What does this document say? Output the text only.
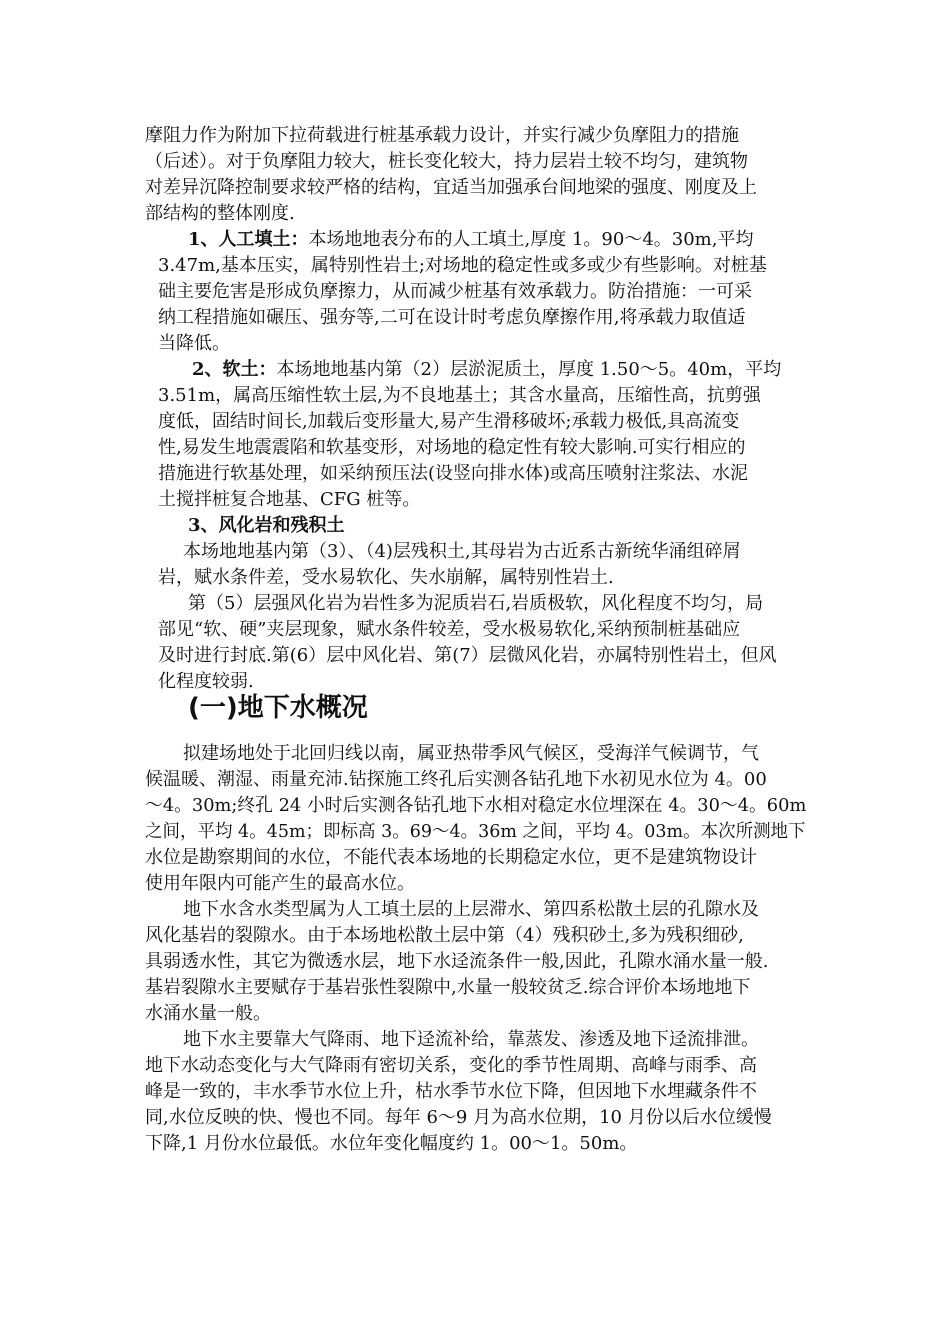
摩阻力作为附加下拉荷载进行桩基承载力设计，并实行减少负摩阻力的措施
（后述）。对于负摩阻力较大，桩长变化较大，持力层岩土较不均匀，建筑物
对差异沉降控制要求较严格的结构，宜适当加强承台间地梁的强度、刚度及上
部结构的整体刚度.
1、人工填土：本场地地表分布的人工填土,厚度 1。90～4。30m,平均
3.47m,基本压实，属特别性岩土;对场地的稳定性或多或少有些影响。对桩基
础主要危害是形成负摩擦力，从而减少桩基有效承载力。防治措施：一可采
纳工程措施如碾压、强夯等,二可在设计时考虑负摩擦作用,将承载力取值适
当降低。
2、软土：本场地地基内第（2）层淤泥质土，厚度 1.50～5。40m，平均
3.51m，属高压缩性软土层,为不良地基土；其含水量高，压缩性高，抗剪强
度低，固结时间长,加载后变形量大,易产生滑移破坏;承载力极低,具高流变
性,易发生地震震陷和软基变形，对场地的稳定性有较大影响.可实行相应的
措施进行软基处理，如采纳预压法(设竖向排水体)或高压喷射注浆法、水泥
土搅拌桩复合地基、CFG 桩等。
3、风化岩和残积土
本场地地基内第（3）、（4)层残积土,其母岩为古近系古新统华涌组碎屑
岩，赋水条件差，受水易软化、失水崩解，属特别性岩土.
第（5）层强风化岩为岩性多为泥质岩石,岩质极软，风化程度不均匀，局
部见“软、硬”夹层现象，赋水条件较差，受水极易软化,采纳预制桩基础应
及时进行封底.第(6）层中风化岩、第(7）层微风化岩，亦属特别性岩土，但风
化程度较弱.
(一)地下水概况
拟建场地处于北回归线以南，属亚热带季风气候区，受海洋气候调节，气
候温暖、潮湿、雨量充沛.钻探施工终孔后实测各钻孔地下水初见水位为 4。00
～4。30m;终孔 24 小时后实测各钻孔地下水相对稳定水位埋深在 4。30～4。60m
之间，平均 4。45m；即标高 3。69～4。36m 之间，平均 4。03m。本次所测地下
水位是勘察期间的水位，不能代表本场地的长期稳定水位，更不是建筑物设计
使用年限内可能产生的最高水位。
地下水含水类型属为人工填土层的上层滞水、第四系松散土层的孔隙水及
风化基岩的裂隙水。由于本场地松散土层中第（4）残积砂土,多为残积细砂,
具弱透水性，其它为微透水层，地下水迳流条件一般,因此，孔隙水涌水量一般.
基岩裂隙水主要赋存于基岩张性裂隙中,水量一般较贫乏.综合评价本场地地下
水涌水量一般。
地下水主要靠大气降雨、地下迳流补给，靠蒸发、渗透及地下迳流排泄。
地下水动态变化与大气降雨有密切关系，变化的季节性周期、高峰与雨季、高
峰是一致的，丰水季节水位上升，枯水季节水位下降，但因地下水埋藏条件不
同,水位反映的快、慢也不同。每年 6～9 月为高水位期，10 月份以后水位缓慢
下降,1 月份水位最低。水位年变化幅度约 1。00～1。50m。
